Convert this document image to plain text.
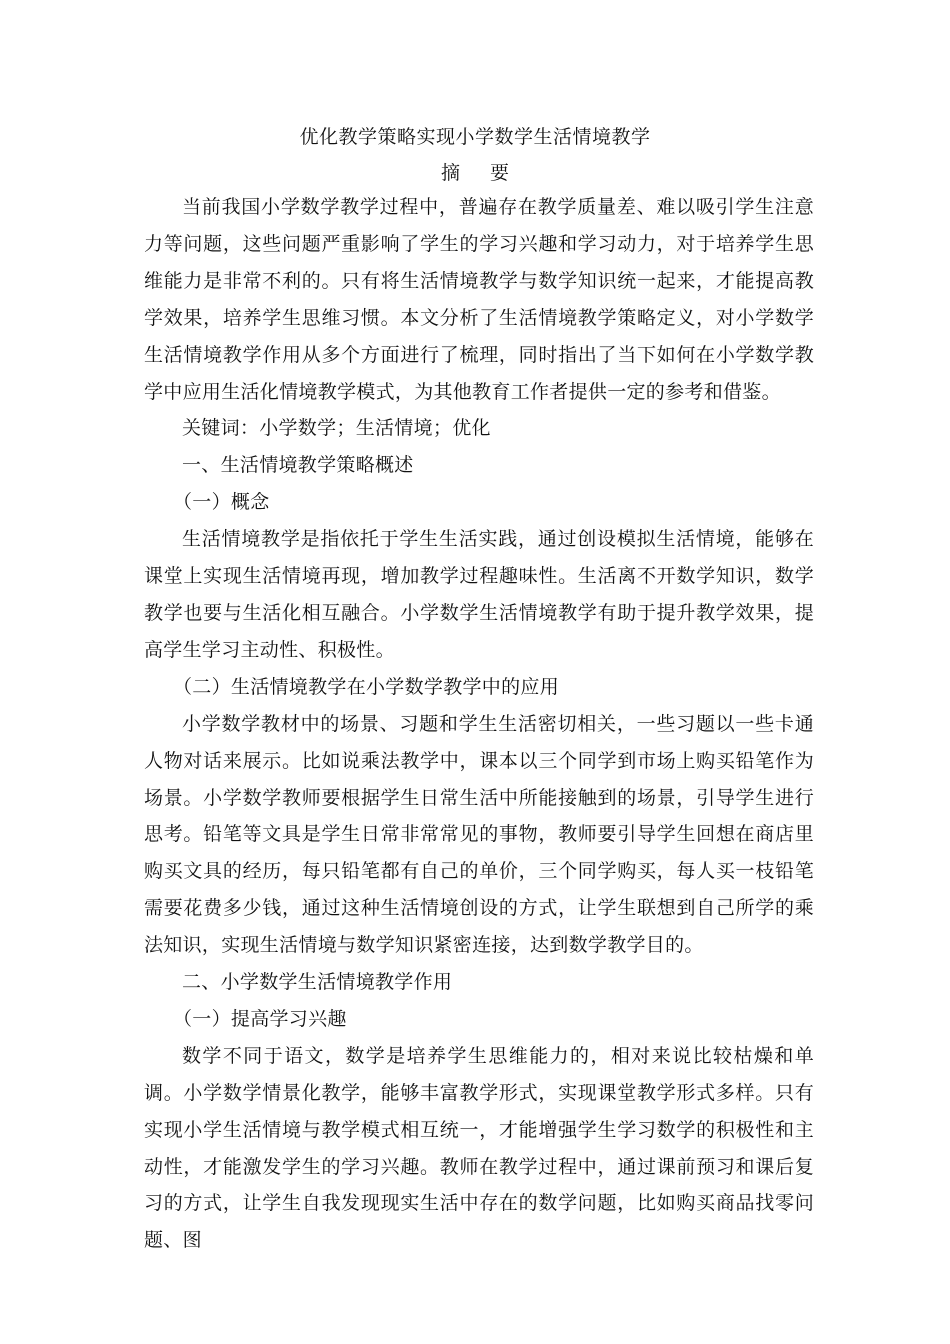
优化教学策略实现小学数学生活情境教学
摘要

当前我国小学数学教学过程中，普遍存在教学质量差、难以吸引学生注意力等问题，这些问题严重影响了学生的学习兴趣和学习动力，对于培养学生思维能力是非常不利的。只有将生活情境教学与数学知识统一起来，才能提高教学效果，培养学生思维习惯。本文分析了生活情境教学策略定义，对小学数学生活情境教学作用从多个方面进行了梳理，同时指出了当下如何在小学数学教学中应用生活化情境教学模式，为其他教育工作者提供一定的参考和借鉴。

关键词：小学数学；生活情境；优化

一、生活情境教学策略概述

（一）概念

生活情境教学是指依托于学生生活实践，通过创设模拟生活情境，能够在课堂上实现生活情境再现，增加教学过程趣味性。生活离不开数学知识，数学教学也要与生活化相互融合。小学数学生活情境教学有助于提升教学效果，提高学生学习主动性、积极性。

（二）生活情境教学在小学数学教学中的应用

小学数学教材中的场景、习题和学生生活密切相关，一些习题以一些卡通人物对话来展示。比如说乘法教学中，课本以三个同学到市场上购买铅笔作为场景。小学数学教师要根据学生日常生活中所能接触到的场景，引导学生进行思考。铅笔等文具是学生日常非常常见的事物，教师要引导学生回想在商店里购买文具的经历，每只铅笔都有自己的单价，三个同学购买，每人买一枝铅笔需要花费多少钱，通过这种生活情境创设的方式，让学生联想到自己所学的乘法知识，实现生活情境与数学知识紧密连接，达到数学教学目的。

二、小学数学生活情境教学作用

（一）提高学习兴趣

数学不同于语文，数学是培养学生思维能力的，相对来说比较枯燥和单调。小学数学情景化教学，能够丰富教学形式，实现课堂教学形式多样。只有实现小学生活情境与教学模式相互统一，才能增强学生学习数学的积极性和主动性，才能激发学生的学习兴趣。教师在教学过程中，通过课前预习和课后复习的方式，让学生自我发现现实生活中存在的数学问题，比如购买商品找零问题、图
